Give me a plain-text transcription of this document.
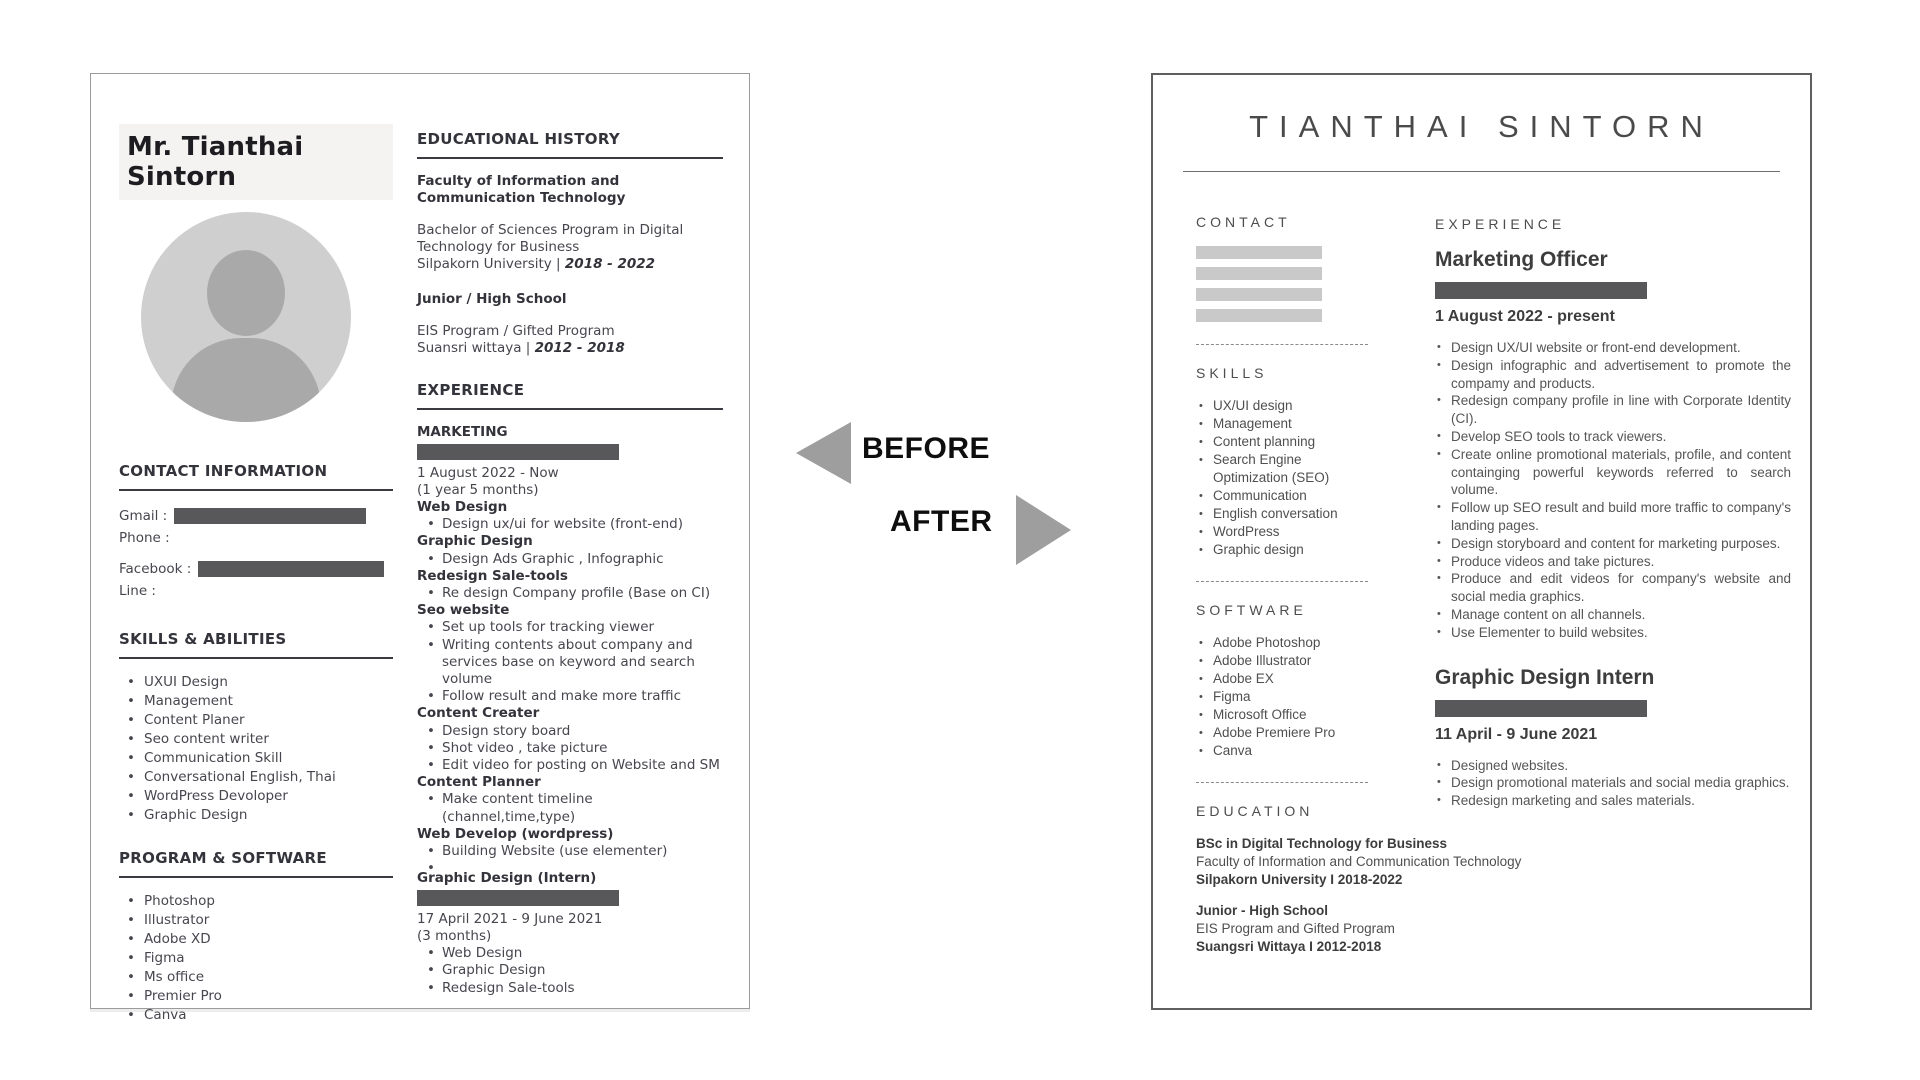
Mr. Tianthai Sintorn
CONTACT INFORMATION
Gmail :
Phone :
Facebook :
Line :
SKILLS & ABILITIES
• UXUI Design
• Management
• Content Planer
• Seo content writer
• Communication Skill
• Conversational English, Thai
• WordPress Devoloper
• Graphic Design
PROGRAM & SOFTWARE
• Photoshop
• Illustrator
• Adobe XD
• Figma
• Ms office
• Premier Pro
• Canva
EDUCATIONAL HISTORY
Faculty of Information and Communication Technology
Bachelor of Sciences Program in Digital Technology for Business
Silpakorn University | 2018 - 2022
Junior / High School
EIS Program / Gifted Program
Suansri wittaya | 2012 - 2018
EXPERIENCE
MARKETING
1 August 2022 - Now
(1 year 5 months)
Web Design
• Design ux/ui for website (front-end)
Graphic Design
• Design Ads Graphic , Infographic
Redesign Sale-tools
• Re design Company profile (Base on CI)
Seo website
• Set up tools for tracking viewer
• Writing contents about company and services base on keyword and search volume
• Follow result and make more traffic
Content Creater
• Design story board
• Shot video , take picture
• Edit video for posting on Website and SM
Content Planner
• Make content timeline (channel,time,type)
Web Develop (wordpress)
• Building Website (use elementer)
Graphic Design (Intern)
17 April 2021 - 9 June 2021
(3 months)
• Web Design
• Graphic Design
• Redesign Sale-tools
BEFORE
AFTER
TIANTHAI SINTORN
CONTACT
SKILLS
• UX/UI design
• Management
• Content planning
• Search Engine Optimization (SEO)
• Communication
• English conversation
• WordPress
• Graphic design
SOFTWARE
• Adobe Photoshop
• Adobe Illustrator
• Adobe EX
• Figma
• Microsoft Office
• Adobe Premiere Pro
• Canva
EDUCATION
BSc in Digital Technology for Business
Faculty of Information and Communication Technology
Silpakorn University I 2018-2022
Junior - High School
EIS Program and Gifted Program
Suangsri Wittaya I 2012-2018
EXPERIENCE
Marketing Officer
1 August 2022 - present
• Design UX/UI website or front-end development.
• Design infographic and advertisement to promote the compamy and products.
• Redesign company profile in line with Corporate Identity (CI).
• Develop SEO tools to track viewers.
• Create online promotional materials, profile, and content containging powerful keywords referred to search volume.
• Follow up SEO result and build more traffic to company's landing pages.
• Design storyboard and content for marketing purposes.
• Produce videos and take pictures.
• Produce and edit videos for company's website and social media graphics.
• Manage content on all channels.
• Use Elementer to build websites.
Graphic Design Intern
11 April - 9 June 2021
• Designed websites.
• Design promotional materials and social media graphics.
• Redesign marketing and sales materials.
